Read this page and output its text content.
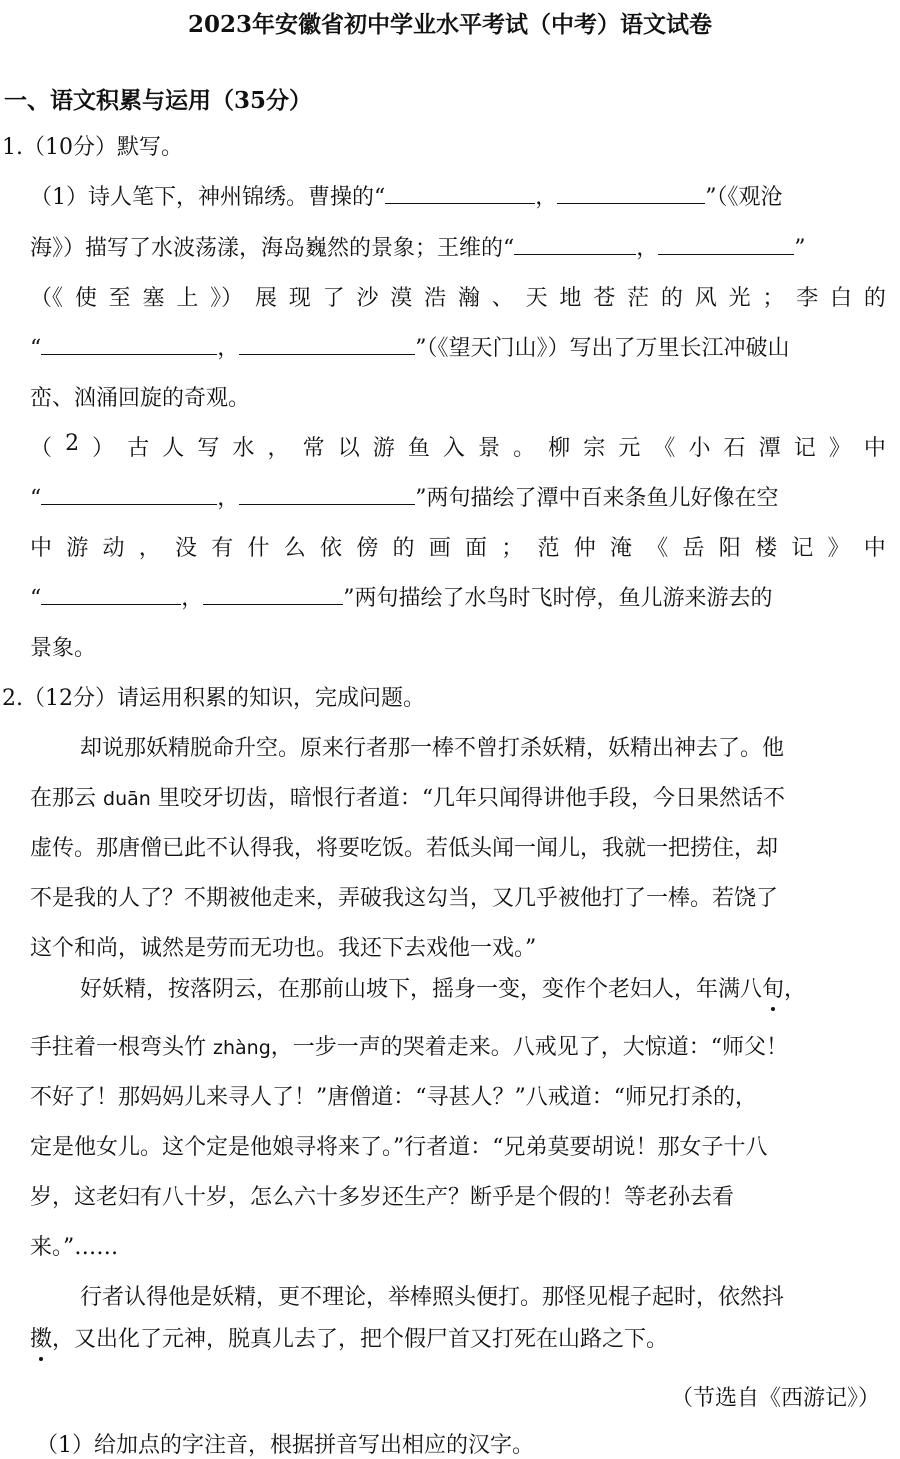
2023年安徽省初中学业水平考试（中考）语文试卷
一、语文积累与运用（35分）
1.（10分）默写。
（1）诗人笔下，神州锦绣。曹操的“	，	”（《观沧
海》）描写了水波荡漾，海岛巍然的景象；王维的“	，	”
（《 使 至 塞 上 》） 展 现 了 沙 漠 浩 瀚 、 天 地 苍 茫 的 风 光 ； 李 白 的
“	，	”（《望天门山》）写出了万里长江冲破山
峦、汹涌回旋的奇观。
（ 2 ） 古 人 写 水 ， 常 以 游 鱼 入 景 。 柳 宗 元 《 小 石 潭 记 》 中
“	，	”两句描绘了潭中百来条鱼儿好像在空
中 游 动 ， 没 有 什 么 依 傍 的 画 面 ； 范 仲 淹 《 岳 阳 楼 记 》 中
“	，	”两句描绘了水鸟时飞时停，鱼儿游来游去的
景象。
2.（12分）请运用积累的知识，完成问题。
却说那妖精脱命升空。原来行者那一棒不曾打杀妖精，妖精出神去了。他
在那云 duān 里咬牙切齿，暗恨行者道：“几年只闻得讲他手段，今日果然话不
虚传。那唐僧已此不认得我，将要吃饭。若低头闻一闻儿，我就一把捞住，却
不是我的人了？不期被他走来，弄破我这勾当，又几乎被他打了一棒。若饶了
这个和尚，诚然是劳而无功也。我还下去戏他一戏。”
好妖精，按落阴云，在那前山坡下，摇身一变，变作个老妇人，年满八旬，
手拄着一根弯头竹 zhàng，一步一声的哭着走来。八戒见了，大惊道：“师父！
不好了！那妈妈儿来寻人了！”唐僧道：“寻甚人？”八戒道：“师兄打杀的，
定是他女儿。这个定是他娘寻将来了。”行者道：“兄弟莫要胡说！那女子十八
岁，这老妇有八十岁，怎么六十多岁还生产？断乎是个假的！等老孙去看
来。”……
行者认得他是妖精，更不理论，举棒照头便打。那怪见棍子起时，依然抖
擞，又出化了元神，脱真儿去了，把个假尸首又打死在山路之下。
（节选自《西游记》）
（1）给加点的字注音，根据拼音写出相应的汉字。
